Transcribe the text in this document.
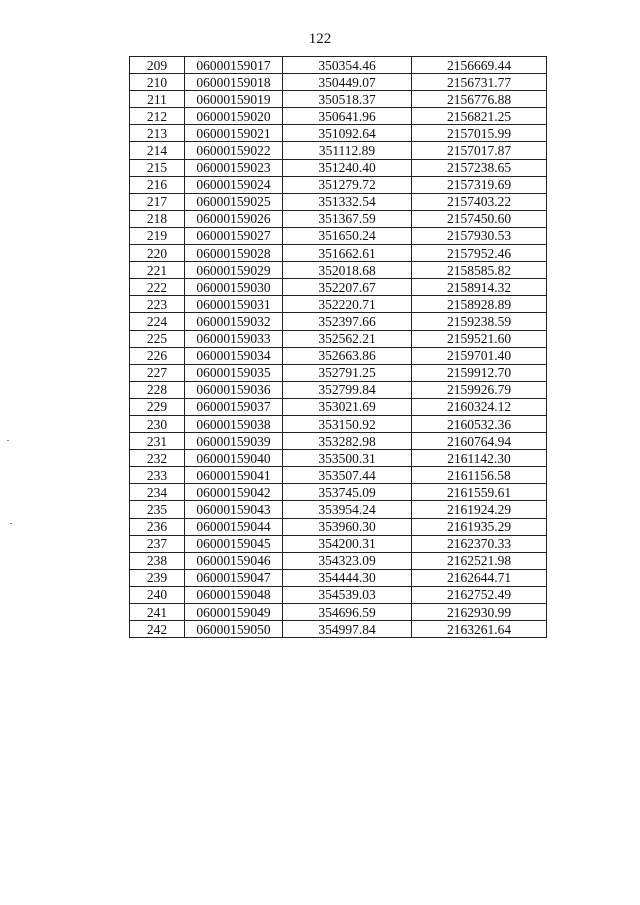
122
209	06000159017	350354.46	2156669.44
210	06000159018	350449.07	2156731.77
211	06000159019	350518.37	2156776.88
212	06000159020	350641.96	2156821.25
213	06000159021	351092.64	2157015.99
214	06000159022	351112.89	2157017.87
215	06000159023	351240.40	2157238.65
216	06000159024	351279.72	2157319.69
217	06000159025	351332.54	2157403.22
218	06000159026	351367.59	2157450.60
219	06000159027	351650.24	2157930.53
220	06000159028	351662.61	2157952.46
221	06000159029	352018.68	2158585.82
222	06000159030	352207.67	2158914.32
223	06000159031	352220.71	2158928.89
224	06000159032	352397.66	2159238.59
225	06000159033	352562.21	2159521.60
226	06000159034	352663.86	2159701.40
227	06000159035	352791.25	2159912.70
228	06000159036	352799.84	2159926.79
229	06000159037	353021.69	2160324.12
230	06000159038	353150.92	2160532.36
231	06000159039	353282.98	2160764.94
232	06000159040	353500.31	2161142.30
233	06000159041	353507.44	2161156.58
234	06000159042	353745.09	2161559.61
235	06000159043	353954.24	2161924.29
236	06000159044	353960.30	2161935.29
237	06000159045	354200.31	2162370.33
238	06000159046	354323.09	2162521.98
239	06000159047	354444.30	2162644.71
240	06000159048	354539.03	2162752.49
241	06000159049	354696.59	2162930.99
242	06000159050	354997.84	2163261.64
